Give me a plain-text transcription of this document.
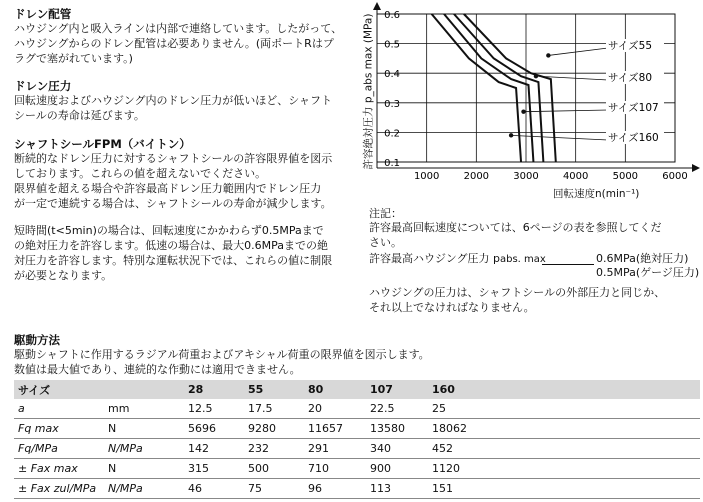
ドレン配管
ハウジング内と吸入ラインは内部で連絡しています。したがって、
ハウジングからのドレン配管は必要ありません。(両ポートRはプ
ラグで塞がれています。)
ドレン圧力
回転速度およびハウジング内のドレン圧力が低いほど、シャフト
シールの寿命は延びます。
シャフトシールFPM（バイトン）
断続的なドレン圧力に対するシャフトシールの許容限界値を図示
しております。これらの値を超えないでください。
限界値を超える場合や許容最高ドレン圧力範囲内でドレン圧力
が一定で連続する場合は、シャフトシールの寿命が減少します。
短時間(t<5min)の場合は、回転速度にかかわらず0.5MPaまで
の絶対圧力を許容します。低速の場合は、最大0.6MPaまでの絶
対圧力を許容します。特別な運転状況下では、これらの値に制限
が必要となります。
1000 2000 3000 4000 5000 6000
0.1
0.2
0.3
0.4
0.5
0.6
サイズ55
サイズ80
サイズ107
サイズ160
許容絶対圧力 p_abs max (MPa)
回転速度n(min⁻¹)
注記：
許容最高回転速度については、6ページの表を参照してくだ
さい。
許容最高ハウジング圧力 pabs. max	0.6MPa(絶対圧力)
0.5MPa(ゲージ圧力)
ハウジングの圧力は、シャフトシールの外部圧力と同じか、
それ以上でなければなりません。
駆動方法
駆動シャフトに作用するラジアル荷重およびアキシャル荷重の限界値を図示します。
数値は最大値であり、連続的な作動には適用できません。
サイズ		28	55	80	107	160
a	mm	12.5	17.5	20	22.5	25
Fq max	N	5696	9280	11657	13580	18062
Fq/MPa	N/MPa	142	232	291	340	452
± Fax max	N	315	500	710	900	1120
± Fax zul/MPa	N/MPa	46	75	96	113	151
